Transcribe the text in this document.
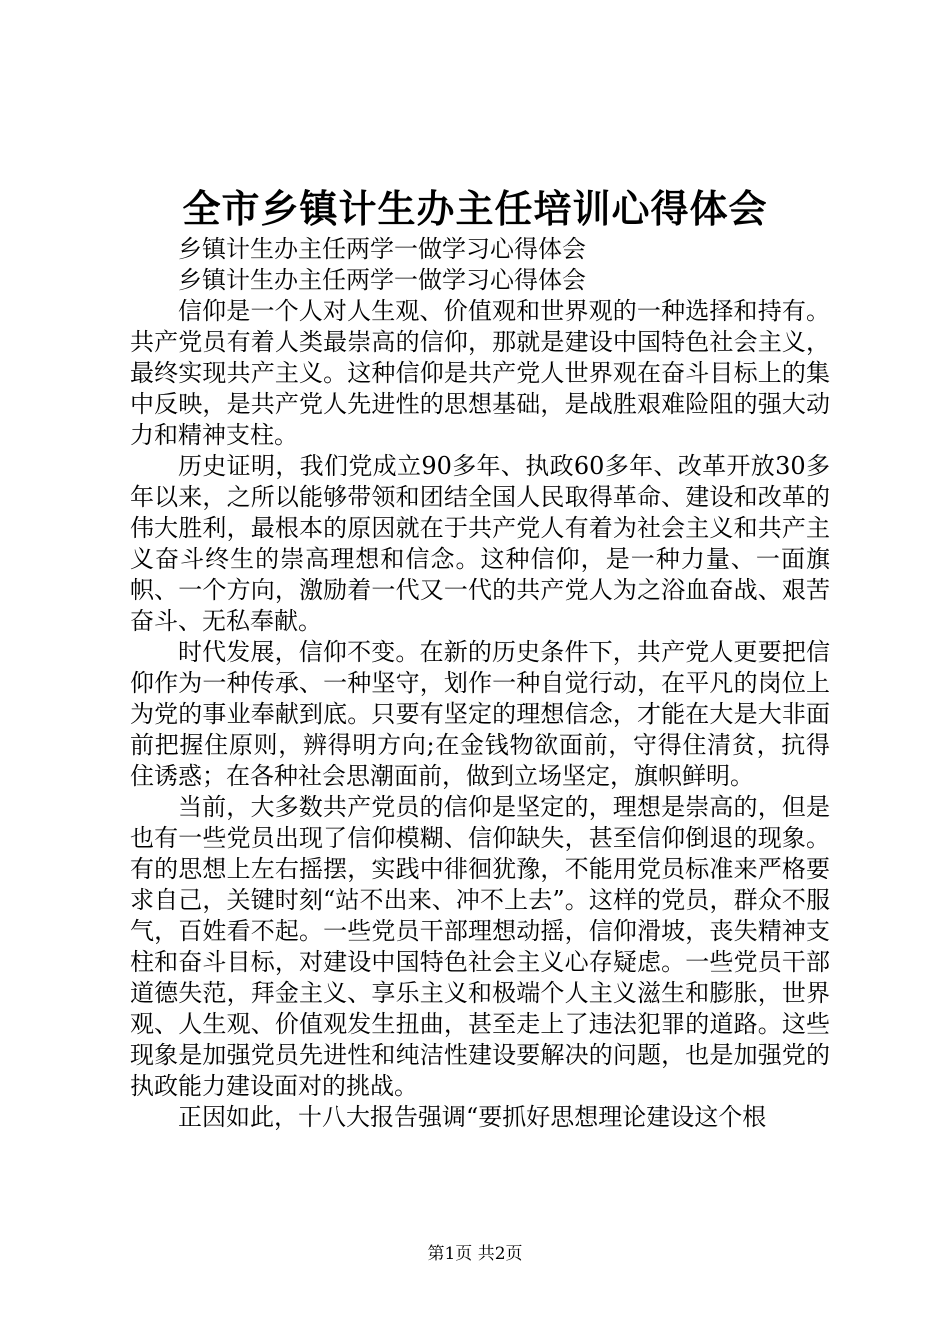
全市乡镇计生办主任培训心得体会

乡镇计生办主任两学一做学习心得体会

乡镇计生办主任两学一做学习心得体会

信仰是一个人对人生观、价值观和世界观的一种选择和持有。共产党员有着人类最崇高的信仰，那就是建设中国特色社会主义，最终实现共产主义。这种信仰是共产党人世界观在奋斗目标上的集中反映，是共产党人先进性的思想基础，是战胜艰难险阻的强大动力和精神支柱。

历史证明，我们党成立90多年、执政60多年、改革开放30多年以来，之所以能够带领和团结全国人民取得革命、建设和改革的伟大胜利，最根本的原因就在于共产党人有着为社会主义和共产主义奋斗终生的崇高理想和信念。这种信仰，是一种力量、一面旗帜、一个方向，激励着一代又一代的共产党人为之浴血奋战、艰苦奋斗、无私奉献。

时代发展，信仰不变。在新的历史条件下，共产党人更要把信仰作为一种传承、一种坚守，划作一种自觉行动，在平凡的岗位上为党的事业奉献到底。只要有坚定的理想信念，才能在大是大非面前把握住原则，辨得明方向;在金钱物欲面前，守得住清贫，抗得住诱惑；在各种社会思潮面前，做到立场坚定，旗帜鲜明。

当前，大多数共产党员的信仰是坚定的，理想是崇高的，但是也有一些党员出现了信仰模糊、信仰缺失，甚至信仰倒退的现象。有的思想上左右摇摆，实践中徘徊犹豫，不能用党员标准来严格要求自己，关键时刻“站不出来、冲不上去”。这样的党员，群众不服气，百姓看不起。一些党员干部理想动摇，信仰滑坡，丧失精神支柱和奋斗目标，对建设中国特色社会主义心存疑虑。一些党员干部道德失范，拜金主义、享乐主义和极端个人主义滋生和膨胀，世界观、人生观、价值观发生扭曲，甚至走上了违法犯罪的道路。这些现象是加强党员先进性和纯洁性建设要解决的问题，也是加强党的执政能力建设面对的挑战。

正因如此，十八大报告强调“要抓好思想理论建设这个根

第1页 共2页
